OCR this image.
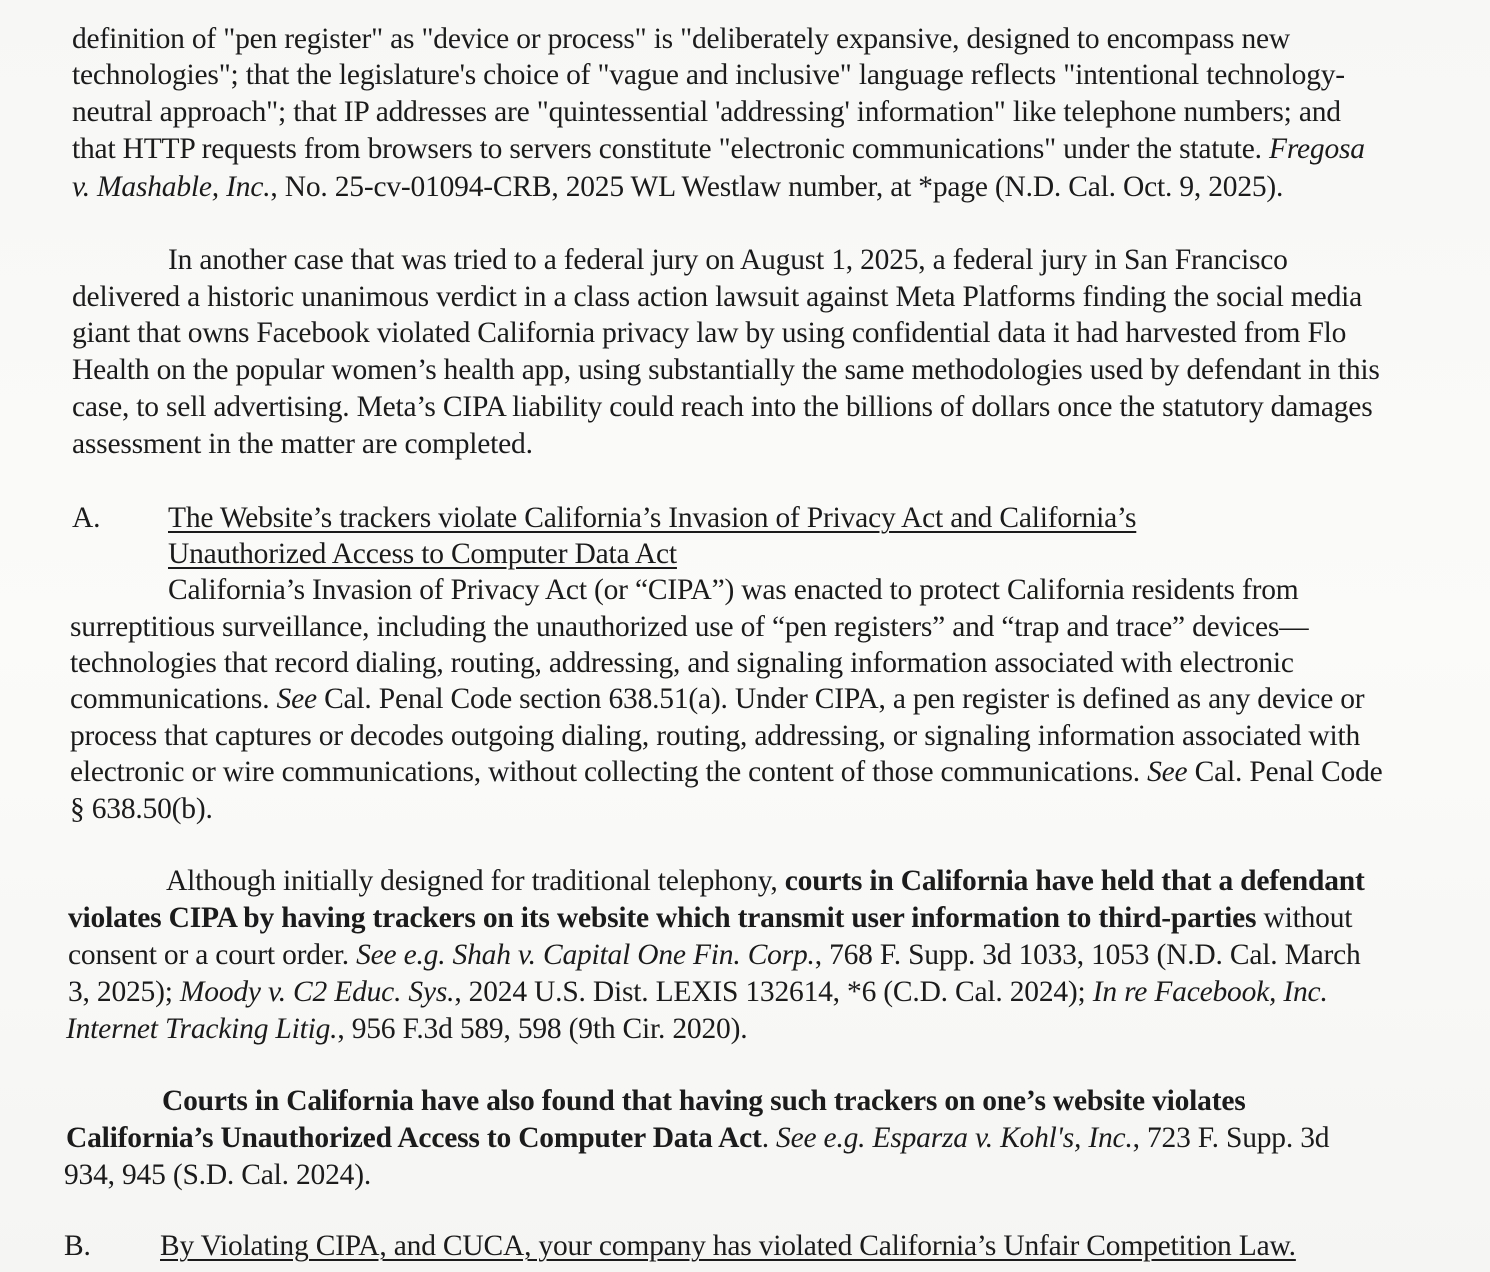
definition of "pen register" as "device or process" is "deliberately expansive, designed to encompass new
technologies"; that the legislature's choice of "vague and inclusive" language reflects "intentional technology-
neutral approach"; that IP addresses are "quintessential 'addressing' information" like telephone numbers; and
that HTTP requests from browsers to servers constitute "electronic communications" under the statute. Fregosa
v. Mashable, Inc., No. 25-cv-01094-CRB, 2025 WL Westlaw number, at *page (N.D. Cal. Oct. 9, 2025).
In another case that was tried to a federal jury on August 1, 2025, a federal jury in San Francisco
delivered a historic unanimous verdict in a class action lawsuit against Meta Platforms finding the social media
giant that owns Facebook violated California privacy law by using confidential data it had harvested from Flo
Health on the popular women’s health app, using substantially the same methodologies used by defendant in this
case, to sell advertising. Meta’s CIPA liability could reach into the billions of dollars once the statutory damages
assessment in the matter are completed.
A. The Website’s trackers violate California’s Invasion of Privacy Act and California’s
Unauthorized Access to Computer Data Act
California’s Invasion of Privacy Act (or “CIPA”) was enacted to protect California residents from
surreptitious surveillance, including the unauthorized use of “pen registers” and “trap and trace” devices—
technologies that record dialing, routing, addressing, and signaling information associated with electronic
communications. See Cal. Penal Code section 638.51(a). Under CIPA, a pen register is defined as any device or
process that captures or decodes outgoing dialing, routing, addressing, or signaling information associated with
electronic or wire communications, without collecting the content of those communications. See Cal. Penal Code
§ 638.50(b).
Although initially designed for traditional telephony, courts in California have held that a defendant
violates CIPA by having trackers on its website which transmit user information to third-parties without
consent or a court order. See e.g. Shah v. Capital One Fin. Corp., 768 F. Supp. 3d 1033, 1053 (N.D. Cal. March
3, 2025); Moody v. C2 Educ. Sys., 2024 U.S. Dist. LEXIS 132614, *6 (C.D. Cal. 2024); In re Facebook, Inc.
Internet Tracking Litig., 956 F.3d 589, 598 (9th Cir. 2020).
Courts in California have also found that having such trackers on one’s website violates
California’s Unauthorized Access to Computer Data Act. See e.g. Esparza v. Kohl's, Inc., 723 F. Supp. 3d
934, 945 (S.D. Cal. 2024).
B. By Violating CIPA, and CUCA, your company has violated California’s Unfair Competition Law.
